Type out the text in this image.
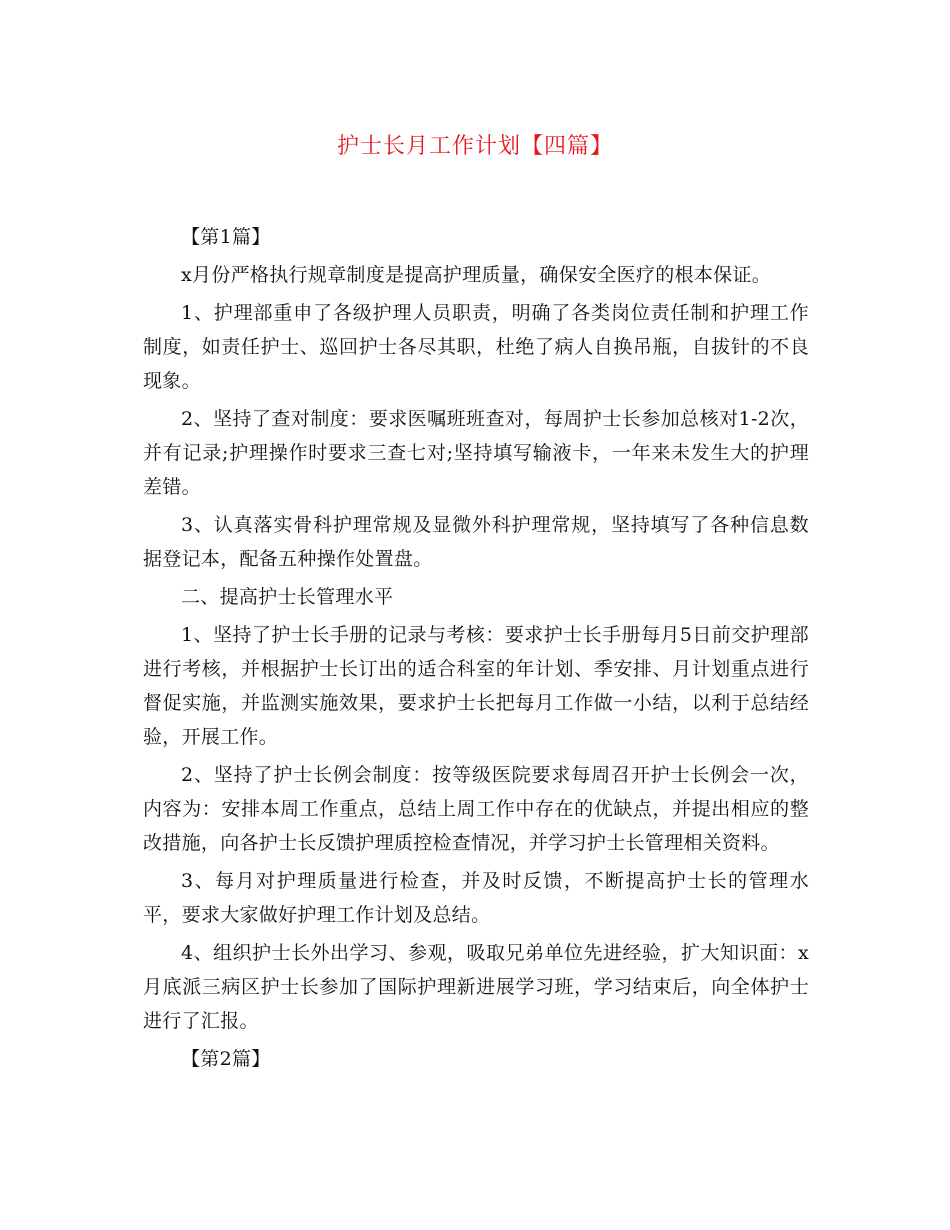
护士长月工作计划【四篇】

【第1篇】

x月份严格执行规章制度是提高护理质量，确保安全医疗的根本保证。

1、护理部重申了各级护理人员职责，明确了各类岗位责任制和护理工作制度，如责任护士、巡回护士各尽其职，杜绝了病人自换吊瓶，自拔针的不良现象。

2、坚持了查对制度：要求医嘱班班查对，每周护士长参加总核对1-2次，并有记录;护理操作时要求三查七对;坚持填写输液卡，一年来未发生大的护理差错。

3、认真落实骨科护理常规及显微外科护理常规，坚持填写了各种信息数据登记本，配备五种操作处置盘。

二、提高护士长管理水平

1、坚持了护士长手册的记录与考核：要求护士长手册每月5日前交护理部进行考核，并根据护士长订出的适合科室的年计划、季安排、月计划重点进行督促实施，并监测实施效果，要求护士长把每月工作做一小结，以利于总结经验，开展工作。

2、坚持了护士长例会制度：按等级医院要求每周召开护士长例会一次，内容为：安排本周工作重点，总结上周工作中存在的优缺点，并提出相应的整改措施，向各护士长反馈护理质控检查情况，并学习护士长管理相关资料。

3、每月对护理质量进行检查，并及时反馈，不断提高护士长的管理水平，要求大家做好护理工作计划及总结。

4、组织护士长外出学习、参观，吸取兄弟单位先进经验，扩大知识面：x月底派三病区护士长参加了国际护理新进展学习班，学习结束后，向全体护士进行了汇报。

【第2篇】
